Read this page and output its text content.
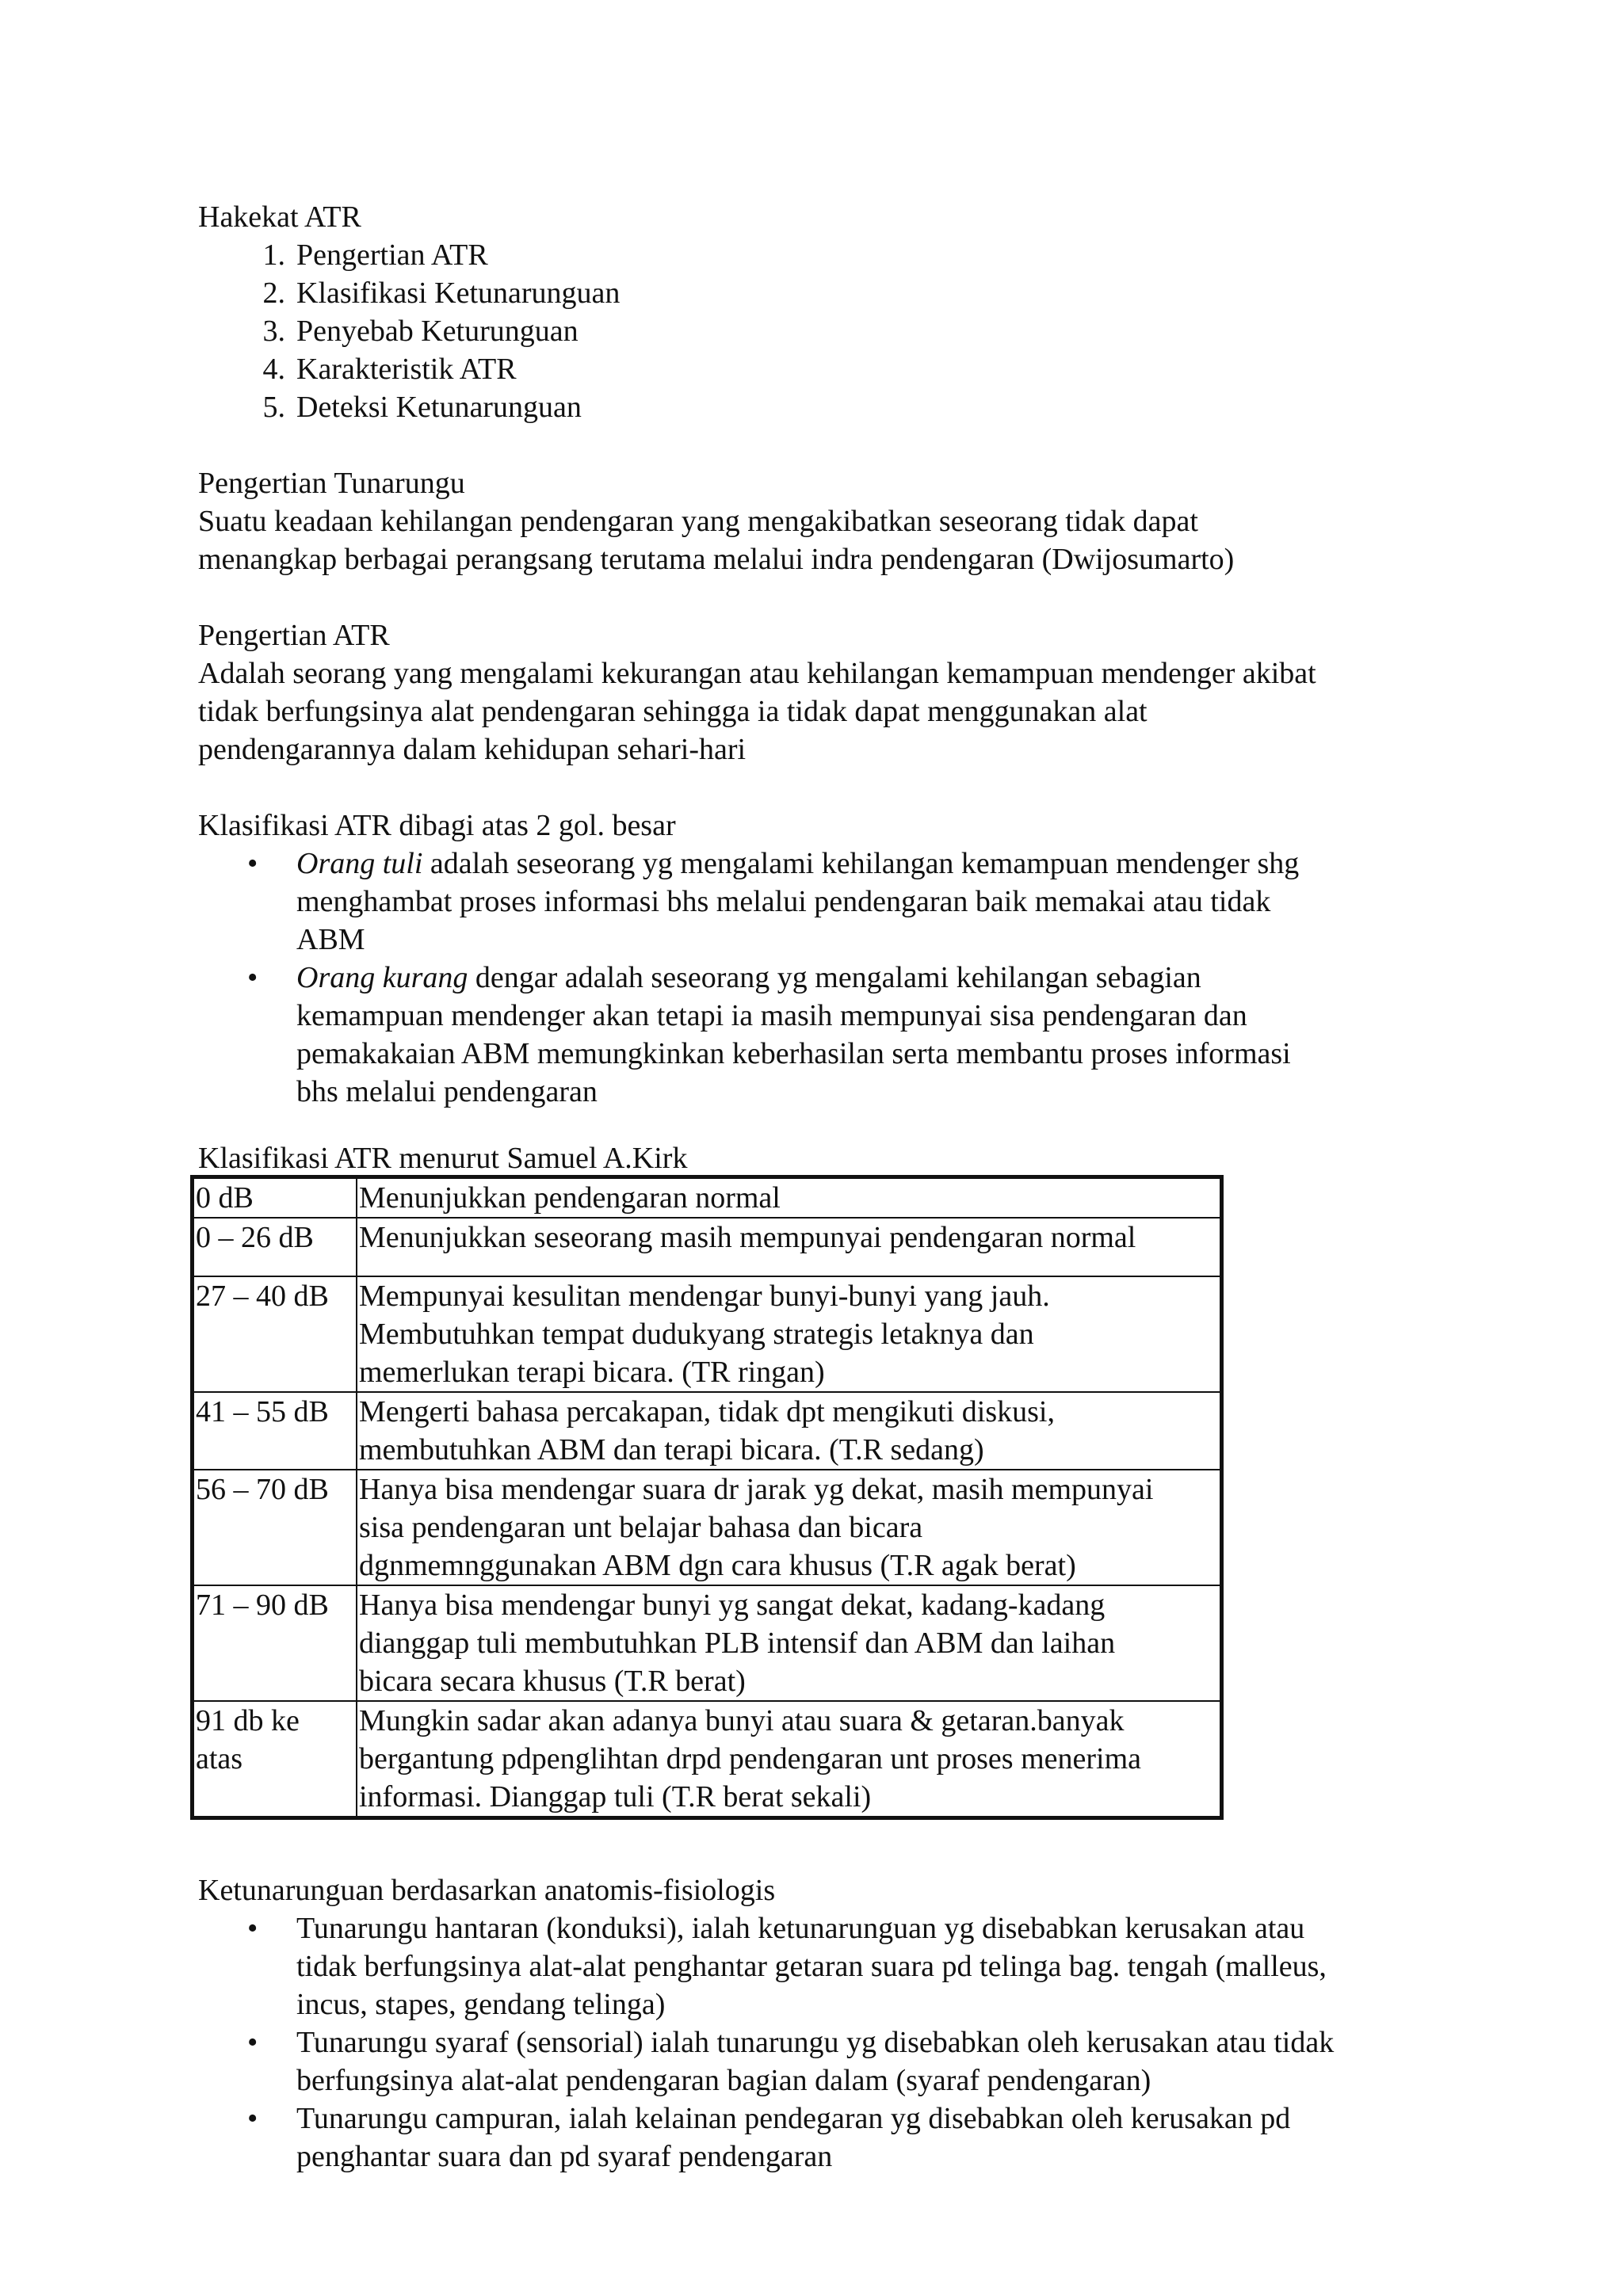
Hakekat ATR
1. Pengertian ATR
2. Klasifikasi Ketunarunguan
3. Penyebab Keturunguan
4. Karakteristik ATR
5. Deteksi Ketunarunguan
Pengertian Tunarungu
Suatu keadaan kehilangan pendengaran yang mengakibatkan seseorang tidak dapat
menangkap berbagai perangsang terutama melalui indra pendengaran (Dwijosumarto)
Pengertian ATR
Adalah seorang yang mengalami kekurangan atau kehilangan kemampuan mendenger akibat
tidak berfungsinya alat pendengaran sehingga ia tidak dapat menggunakan alat
pendengarannya dalam kehidupan sehari-hari
Klasifikasi ATR dibagi atas 2 gol. besar
• Orang tuli adalah seseorang yg mengalami kehilangan kemampuan mendenger shg
menghambat proses informasi bhs melalui pendengaran baik memakai atau tidak
ABM
• Orang kurang dengar adalah seseorang yg mengalami kehilangan sebagian
kemampuan mendenger akan tetapi ia masih mempunyai sisa pendengaran dan
pemakakaian ABM memungkinkan keberhasilan serta membantu proses informasi
bhs melalui pendengaran
Klasifikasi ATR menurut Samuel A.Kirk
0 dB	Menunjukkan pendengaran normal

0 – 26 dB	Menunjukkan seseorang masih mempunyai pendengaran normal

27 – 40 dB	Mempunyai kesulitan mendengar bunyi-bunyi yang jauh.
Membutuhkan tempat dudukyang strategis letaknya dan
memerlukan terapi bicara. (TR ringan)

41 – 55 dB	Mengerti bahasa percakapan, tidak dpt mengikuti diskusi,
membutuhkan ABM dan terapi bicara. (T.R sedang)

56 – 70 dB	Hanya bisa mendengar suara dr jarak yg dekat, masih mempunyai
sisa pendengaran unt belajar bahasa dan bicara
dgnmemnggunakan ABM dgn cara khusus (T.R agak berat)

71 – 90 dB	Hanya bisa mendengar bunyi yg sangat dekat, kadang-kadang
dianggap tuli membutuhkan PLB intensif dan ABM dan laihan
bicara secara khusus (T.R berat)

91 db ke
atas	Mungkin sadar akan adanya bunyi atau suara & getaran.banyak
bergantung pdpenglihtan drpd pendengaran unt proses menerima
informasi. Dianggap tuli (T.R berat sekali)
Ketunarunguan berdasarkan anatomis-fisiologis
• Tunarungu hantaran (konduksi), ialah ketunarunguan yg disebabkan kerusakan atau
tidak berfungsinya alat-alat penghantar getaran suara pd telinga bag. tengah (malleus,
incus, stapes, gendang telinga)
• Tunarungu syaraf (sensorial) ialah tunarungu yg disebabkan oleh kerusakan atau tidak
berfungsinya alat-alat pendengaran bagian dalam (syaraf pendengaran)
• Tunarungu campuran, ialah kelainan pendegaran yg disebabkan oleh kerusakan pd
penghantar suara dan pd syaraf pendengaran
